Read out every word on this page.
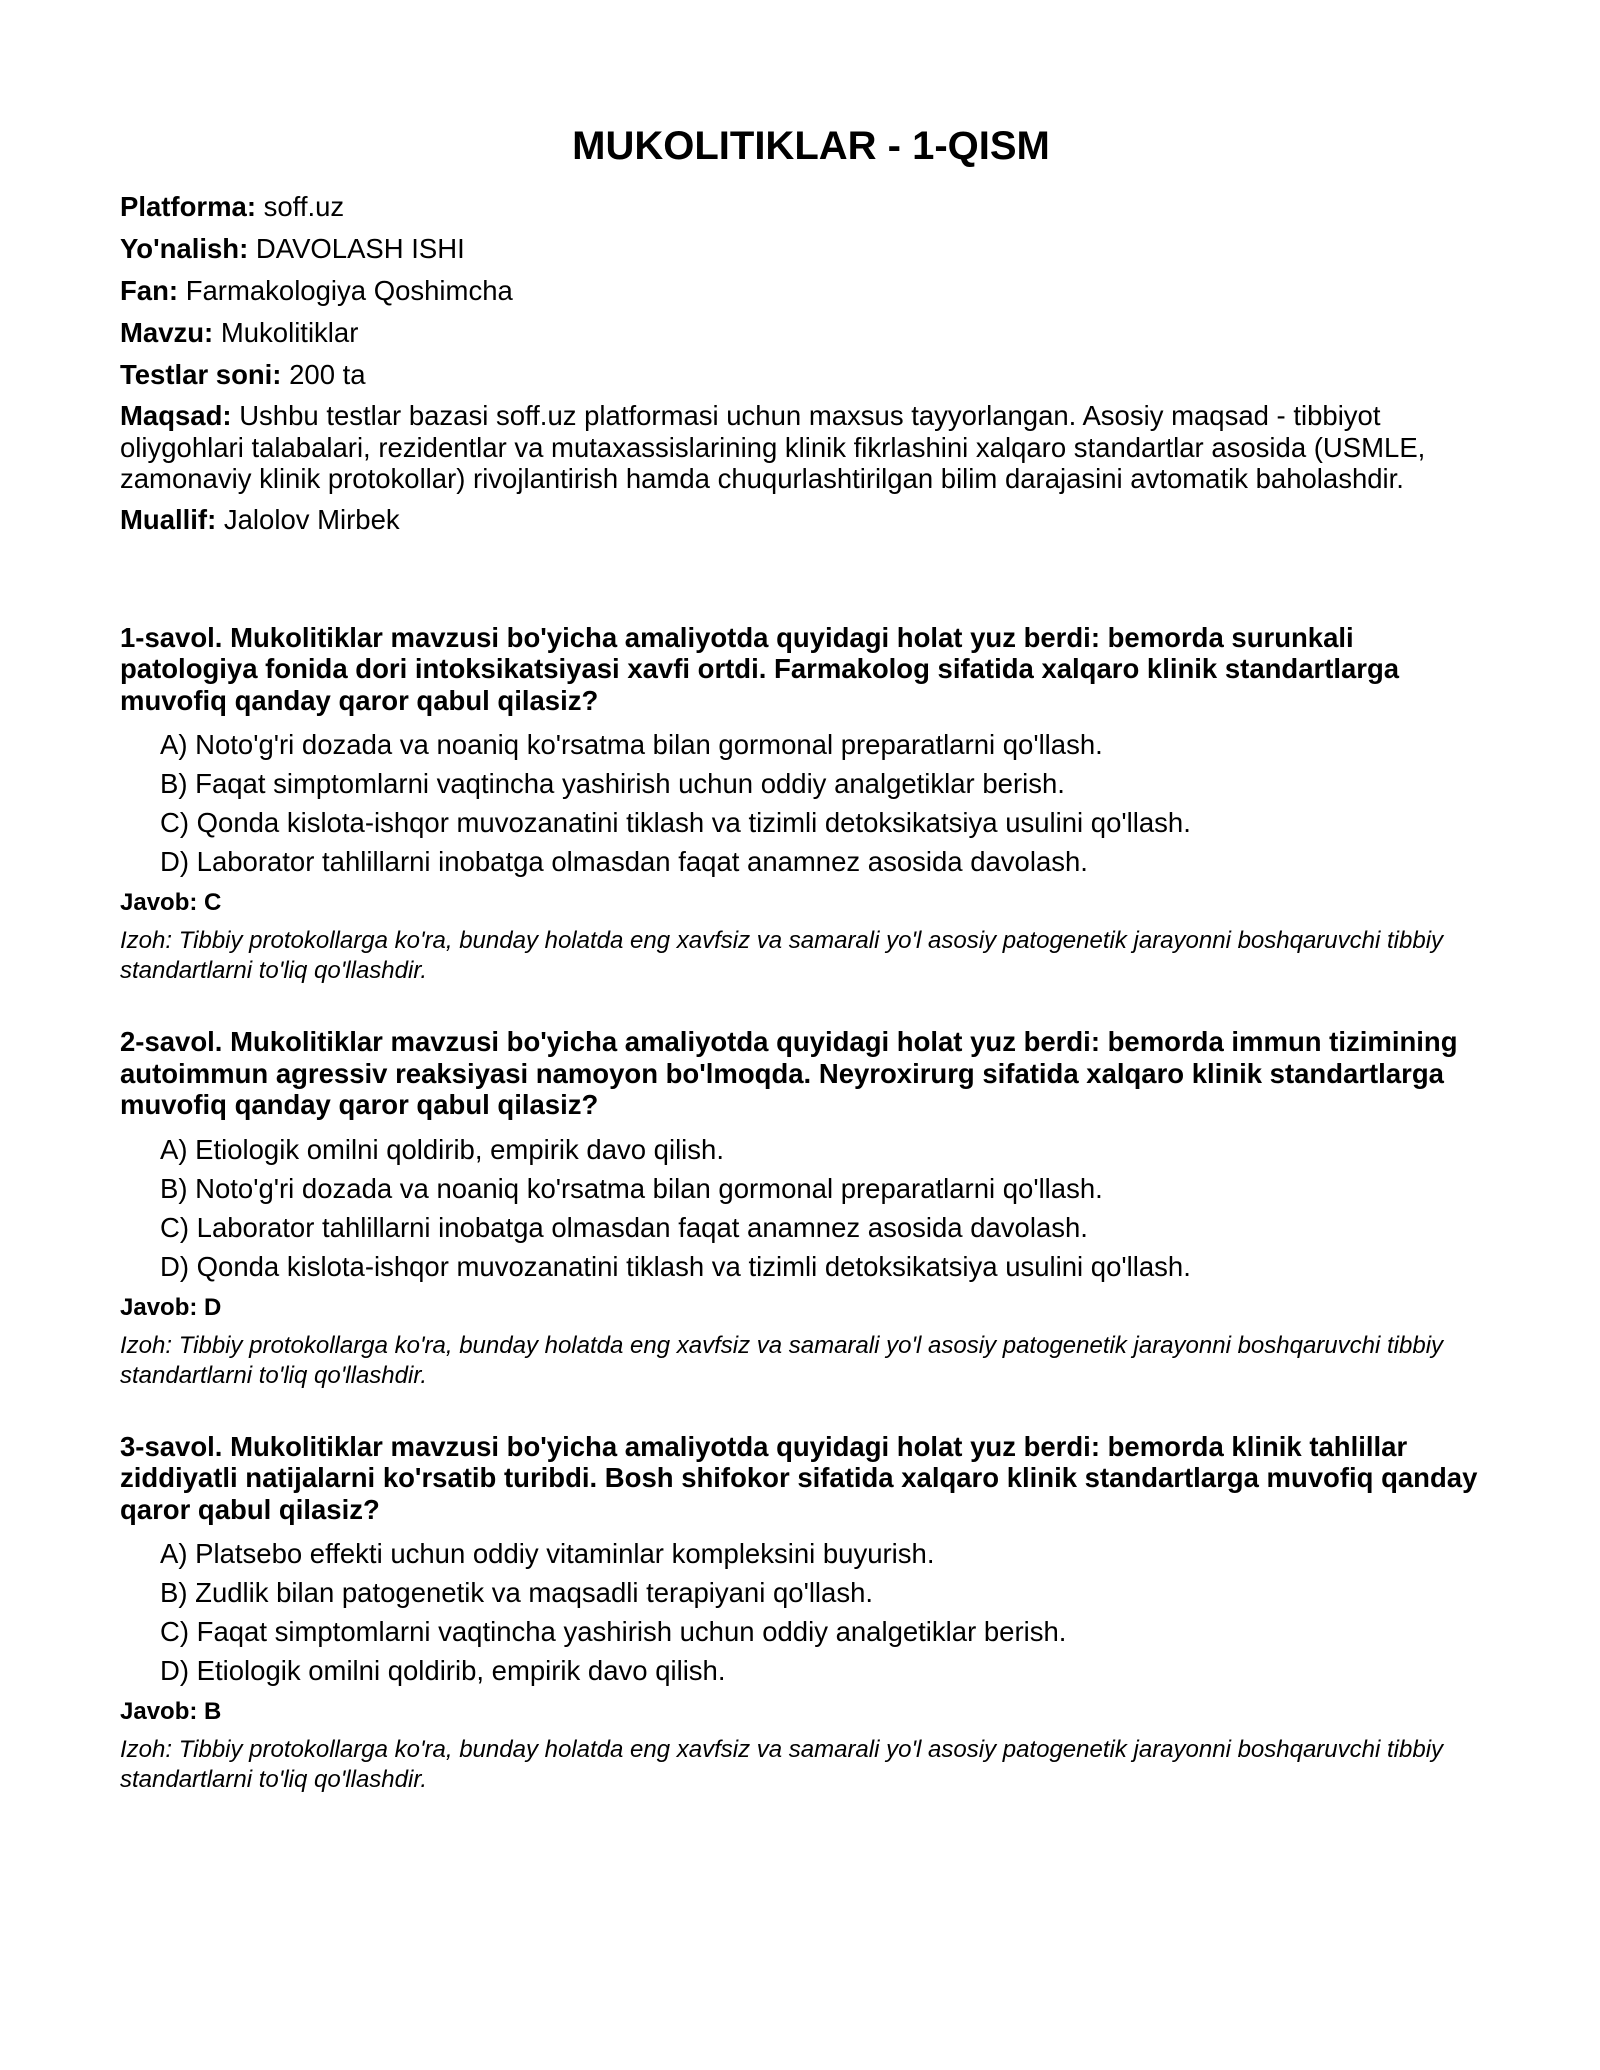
MUKOLITIKLAR - 1-QISM

Platforma: soff.uz

Yo'nalish: DAVOLASH ISHI

Fan: Farmakologiya Qoshimcha

Mavzu: Mukolitiklar

Testlar soni: 200 ta

Maqsad: Ushbu testlar bazasi soff.uz platformasi uchun maxsus tayyorlangan. Asosiy maqsad - tibbiyot oliygohlari talabalari, rezidentlar va mutaxassislarining klinik fikrlashini xalqaro standartlar asosida (USMLE, zamonaviy klinik protokollar) rivojlantirish hamda chuqurlashtirilgan bilim darajasini avtomatik baholashdir.

Muallif: Jalolov Mirbek

1-savol. Mukolitiklar mavzusi bo'yicha amaliyotda quyidagi holat yuz berdi: bemorda surunkali patologiya fonida dori intoksikatsiyasi xavfi ortdi. Farmakolog sifatida xalqaro klinik standartlarga muvofiq qanday qaror qabul qilasiz?

A) Noto'g'ri dozada va noaniq ko'rsatma bilan gormonal preparatlarni qo'llash.

B) Faqat simptomlarni vaqtincha yashirish uchun oddiy analgetiklar berish.

C) Qonda kislota-ishqor muvozanatini tiklash va tizimli detoksikatsiya usulini qo'llash.

D) Laborator tahlillarni inobatga olmasdan faqat anamnez asosida davolash.

Javob: C

Izoh: Tibbiy protokollarga ko'ra, bunday holatda eng xavfsiz va samarali yo'l asosiy patogenetik jarayonni boshqaruvchi tibbiy standartlarni to'liq qo'llashdir.

2-savol. Mukolitiklar mavzusi bo'yicha amaliyotda quyidagi holat yuz berdi: bemorda immun tizimining autoimmun agressiv reaksiyasi namoyon bo'lmoqda. Neyroxirurg sifatida xalqaro klinik standartlarga muvofiq qanday qaror qabul qilasiz?

A) Etiologik omilni qoldirib, empirik davo qilish.

B) Noto'g'ri dozada va noaniq ko'rsatma bilan gormonal preparatlarni qo'llash.

C) Laborator tahlillarni inobatga olmasdan faqat anamnez asosida davolash.

D) Qonda kislota-ishqor muvozanatini tiklash va tizimli detoksikatsiya usulini qo'llash.

Javob: D

Izoh: Tibbiy protokollarga ko'ra, bunday holatda eng xavfsiz va samarali yo'l asosiy patogenetik jarayonni boshqaruvchi tibbiy standartlarni to'liq qo'llashdir.

3-savol. Mukolitiklar mavzusi bo'yicha amaliyotda quyidagi holat yuz berdi: bemorda klinik tahlillar ziddiyatli natijalarni ko'rsatib turibdi. Bosh shifokor sifatida xalqaro klinik standartlarga muvofiq qanday qaror qabul qilasiz?

A) Platsebo effekti uchun oddiy vitaminlar kompleksini buyurish.

B) Zudlik bilan patogenetik va maqsadli terapiyani qo'llash.

C) Faqat simptomlarni vaqtincha yashirish uchun oddiy analgetiklar berish.

D) Etiologik omilni qoldirib, empirik davo qilish.

Javob: B

Izoh: Tibbiy protokollarga ko'ra, bunday holatda eng xavfsiz va samarali yo'l asosiy patogenetik jarayonni boshqaruvchi tibbiy standartlarni to'liq qo'llashdir.
